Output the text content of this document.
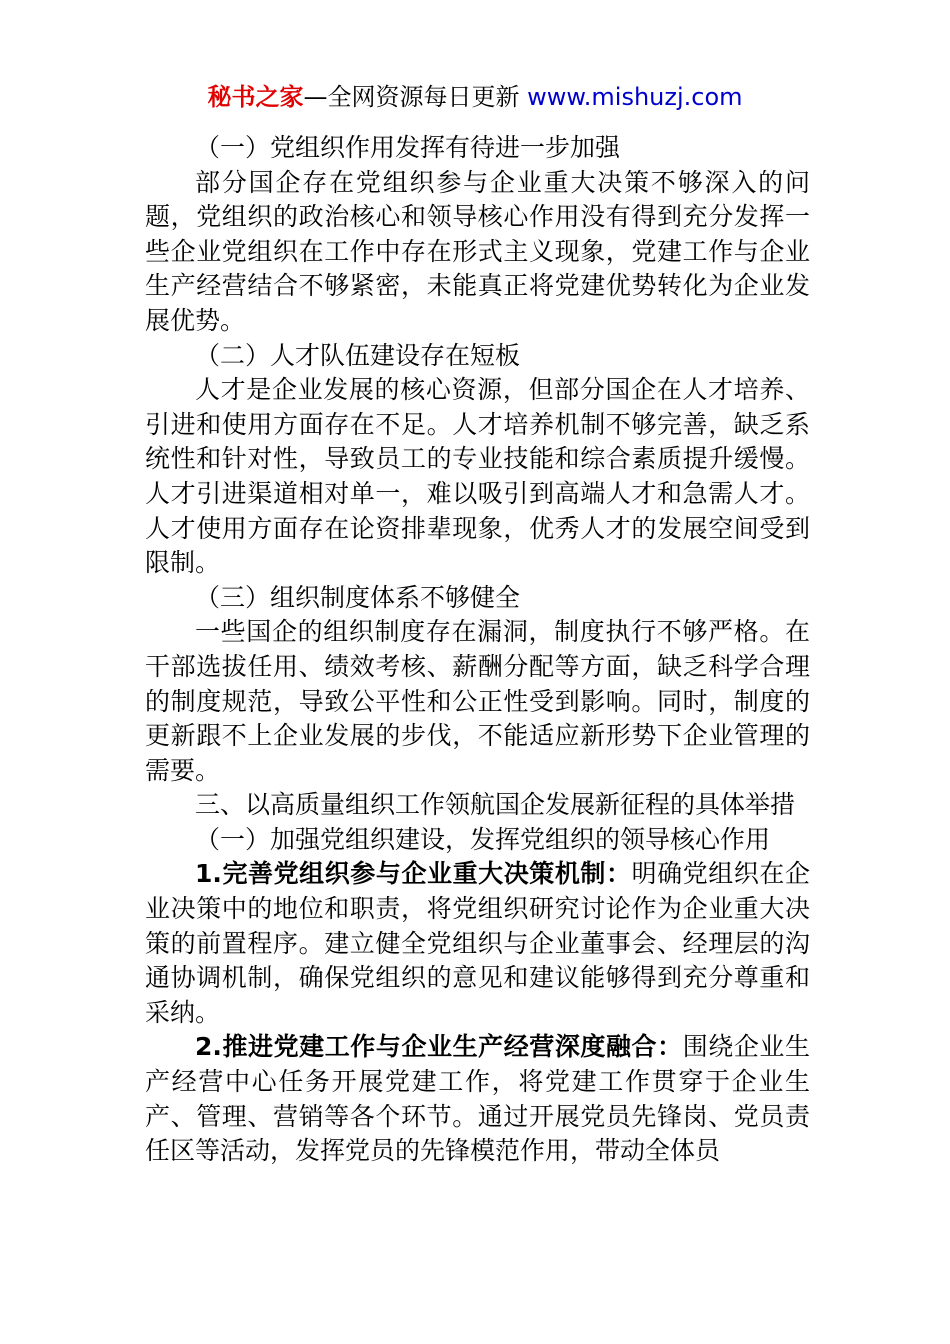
秘书之家—全网资源每日更新 www.mishuzj.com

（一）党组织作用发挥有待进一步加强

部分国企存在党组织参与企业重大决策不够深入的问题，党组织的政治核心和领导核心作用没有得到充分发挥一些企业党组织在工作中存在形式主义现象，党建工作与企业生产经营结合不够紧密，未能真正将党建优势转化为企业发展优势。

（二）人才队伍建设存在短板

人才是企业发展的核心资源，但部分国企在人才培养、引进和使用方面存在不足。人才培养机制不够完善，缺乏系统性和针对性，导致员工的专业技能和综合素质提升缓慢。人才引进渠道相对单一，难以吸引到高端人才和急需人才。人才使用方面存在论资排辈现象，优秀人才的发展空间受到限制。

（三）组织制度体系不够健全

一些国企的组织制度存在漏洞，制度执行不够严格。在干部选拔任用、绩效考核、薪酬分配等方面，缺乏科学合理的制度规范，导致公平性和公正性受到影响。同时，制度的更新跟不上企业发展的步伐，不能适应新形势下企业管理的需要。

三、以高质量组织工作领航国企发展新征程的具体举措

（一）加强党组织建设，发挥党组织的领导核心作用

1.完善党组织参与企业重大决策机制：明确党组织在企业决策中的地位和职责，将党组织研究讨论作为企业重大决策的前置程序。建立健全党组织与企业董事会、经理层的沟通协调机制，确保党组织的意见和建议能够得到充分尊重和采纳。

2.推进党建工作与企业生产经营深度融合：围绕企业生产经营中心任务开展党建工作，将党建工作贯穿于企业生产、管理、营销等各个环节。通过开展党员先锋岗、党员责任区等活动，发挥党员的先锋模范作用，带动全体员
